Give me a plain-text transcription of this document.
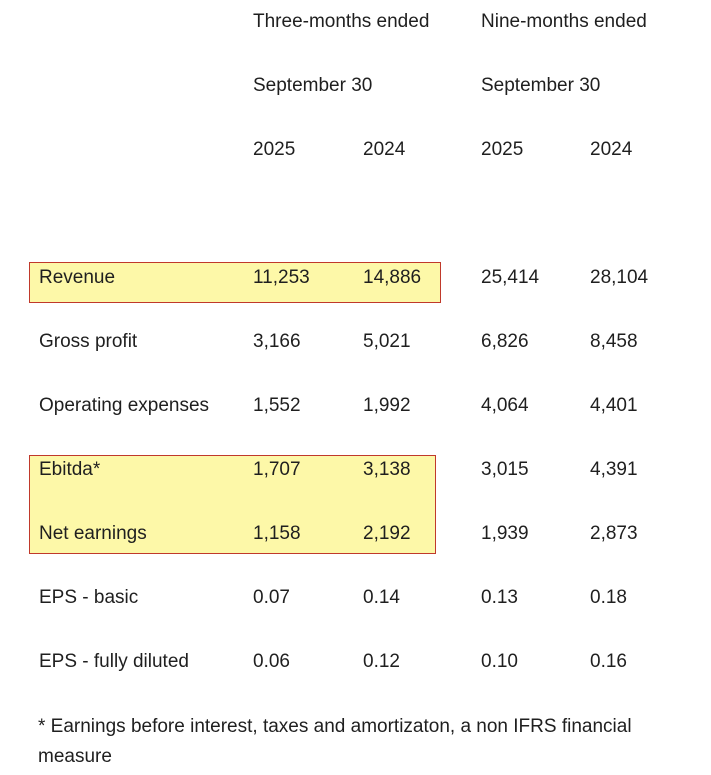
Three-months ended	Nine-months ended
September 30	September 30
2025	2024	2025	2024
Revenue	11,253	14,886	25,414	28,104
Gross profit	3,166	5,021	6,826	8,458
Operating expenses 1,552	1,992	4,064	4,401
Ebitda*	1,707	3,138	3,015	4,391
Net earnings	1,158	2,192	1,939	2,873
EPS - basic	0.07	0.14	0.13	0.18
EPS - fully diluted	0.06	0.12	0.10	0.16
* Earnings before interest, taxes and amortizaton, a non IFRS financial measure
